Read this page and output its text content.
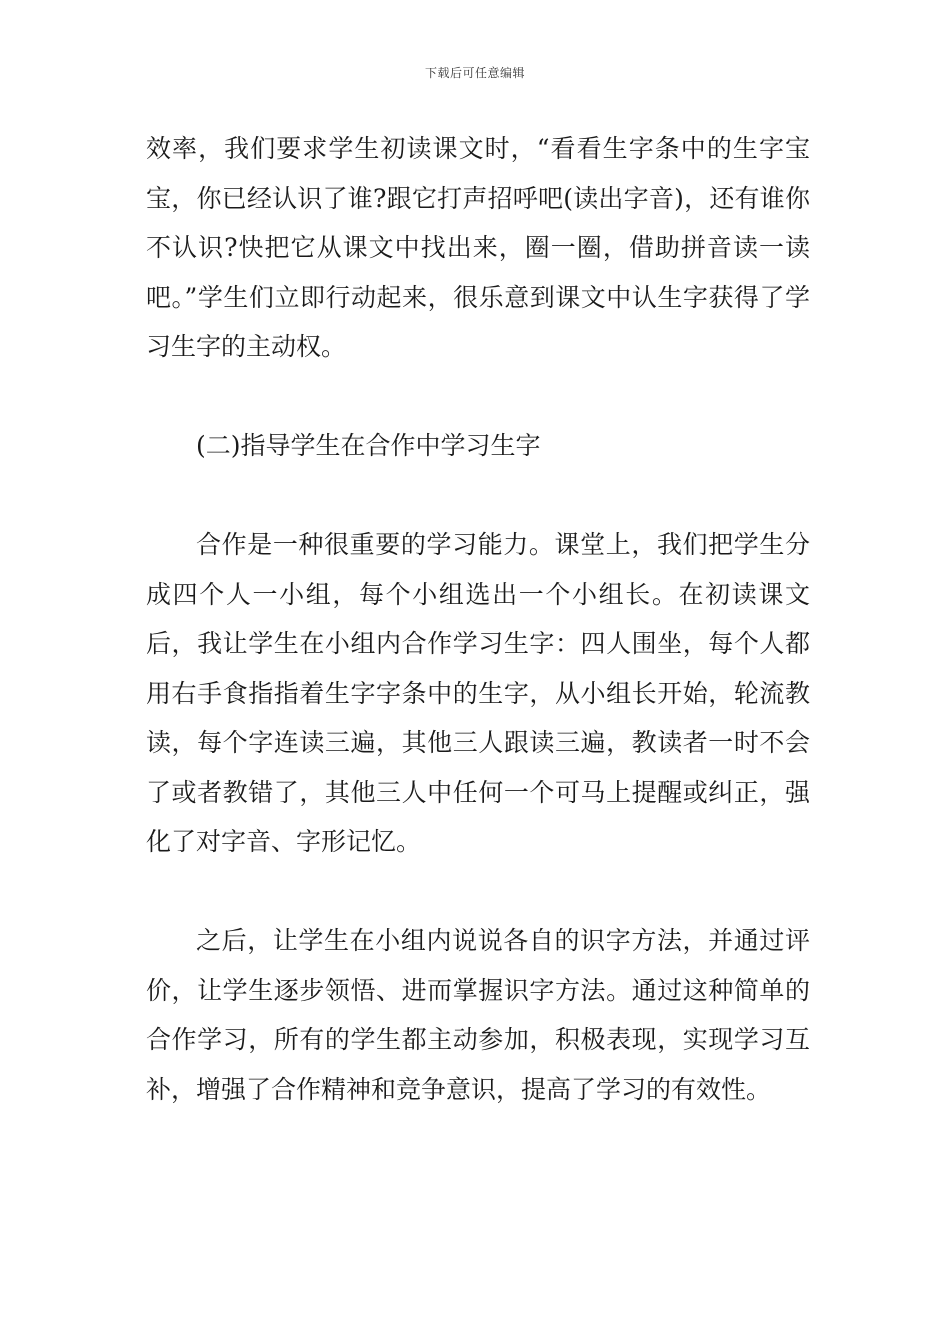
下载后可任意编辑

效率，我们要求学生初读课文时，“看看生字条中的生字宝宝，你已经认识了谁?跟它打声招呼吧(读出字音)，还有谁你不认识?快把它从课文中找出来，圈一圈，借助拼音读一读吧。”学生们立即行动起来，很乐意到课文中认生字获得了学习生字的主动权。

(二)指导学生在合作中学习生字

合作是一种很重要的学习能力。课堂上，我们把学生分成四个人一小组，每个小组选出一个小组长。在初读课文后，我让学生在小组内合作学习生字：四人围坐，每个人都用右手食指指着生字字条中的生字，从小组长开始，轮流教读，每个字连读三遍，其他三人跟读三遍，教读者一时不会了或者教错了，其他三人中任何一个可马上提醒或纠正，强化了对字音、字形记忆。

之后，让学生在小组内说说各自的识字方法，并通过评价，让学生逐步领悟、进而掌握识字方法。通过这种简单的合作学习，所有的学生都主动参加，积极表现，实现学习互补，增强了合作精神和竞争意识，提高了学习的有效性。
